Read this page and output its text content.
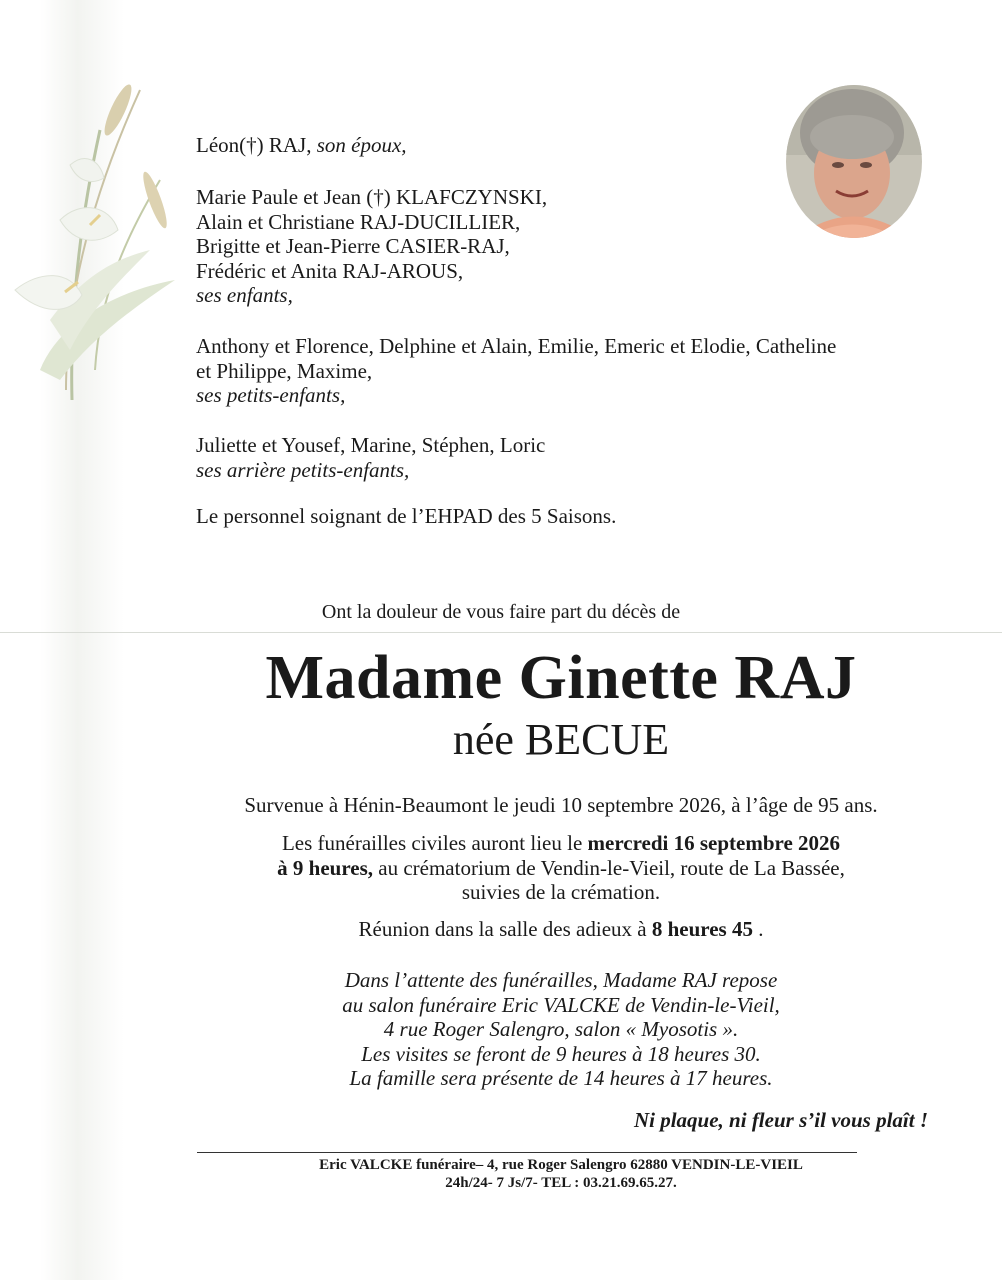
Léon(†) RAJ, son époux,
Marie Paule et Jean (†) KLAFCZYNSKI,
Alain et Christiane RAJ-DUCILLIER,
Brigitte et Jean-Pierre CASIER-RAJ,
Frédéric et Anita RAJ-AROUS,
ses enfants,
Anthony et Florence, Delphine et Alain, Emilie, Emeric et Elodie, Catheline
et Philippe, Maxime,
ses petits-enfants,
Juliette et Yousef, Marine, Stéphen, Loric
ses arrière petits-enfants,
Le personnel soignant de l’EHPAD des 5 Saisons.
Ont la douleur de vous faire part du décès de
Madame Ginette RAJ
née BECUE
Survenue à Hénin-Beaumont le jeudi 10 septembre 2026, à l’âge de 95 ans.
Les funérailles civiles auront lieu le mercredi 16 septembre 2026
à 9 heures, au crématorium de Vendin-le-Vieil, route de La Bassée,
suivies de la crémation.
Réunion dans la salle des adieux à 8 heures 45 .
Dans l’attente des funérailles, Madame RAJ repose
au salon funéraire Eric VALCKE de Vendin-le-Vieil,
4 rue Roger Salengro, salon « Myosotis ».
Les visites se feront de 9 heures à 18 heures 30.
La famille sera présente de 14 heures à 17 heures.
Ni plaque, ni fleur s’il vous plaît !
Eric VALCKE funéraire– 4, rue Roger Salengro 62880 VENDIN-LE-VIEIL
24h/24- 7 Js/7- TEL : 03.21.69.65.27.
